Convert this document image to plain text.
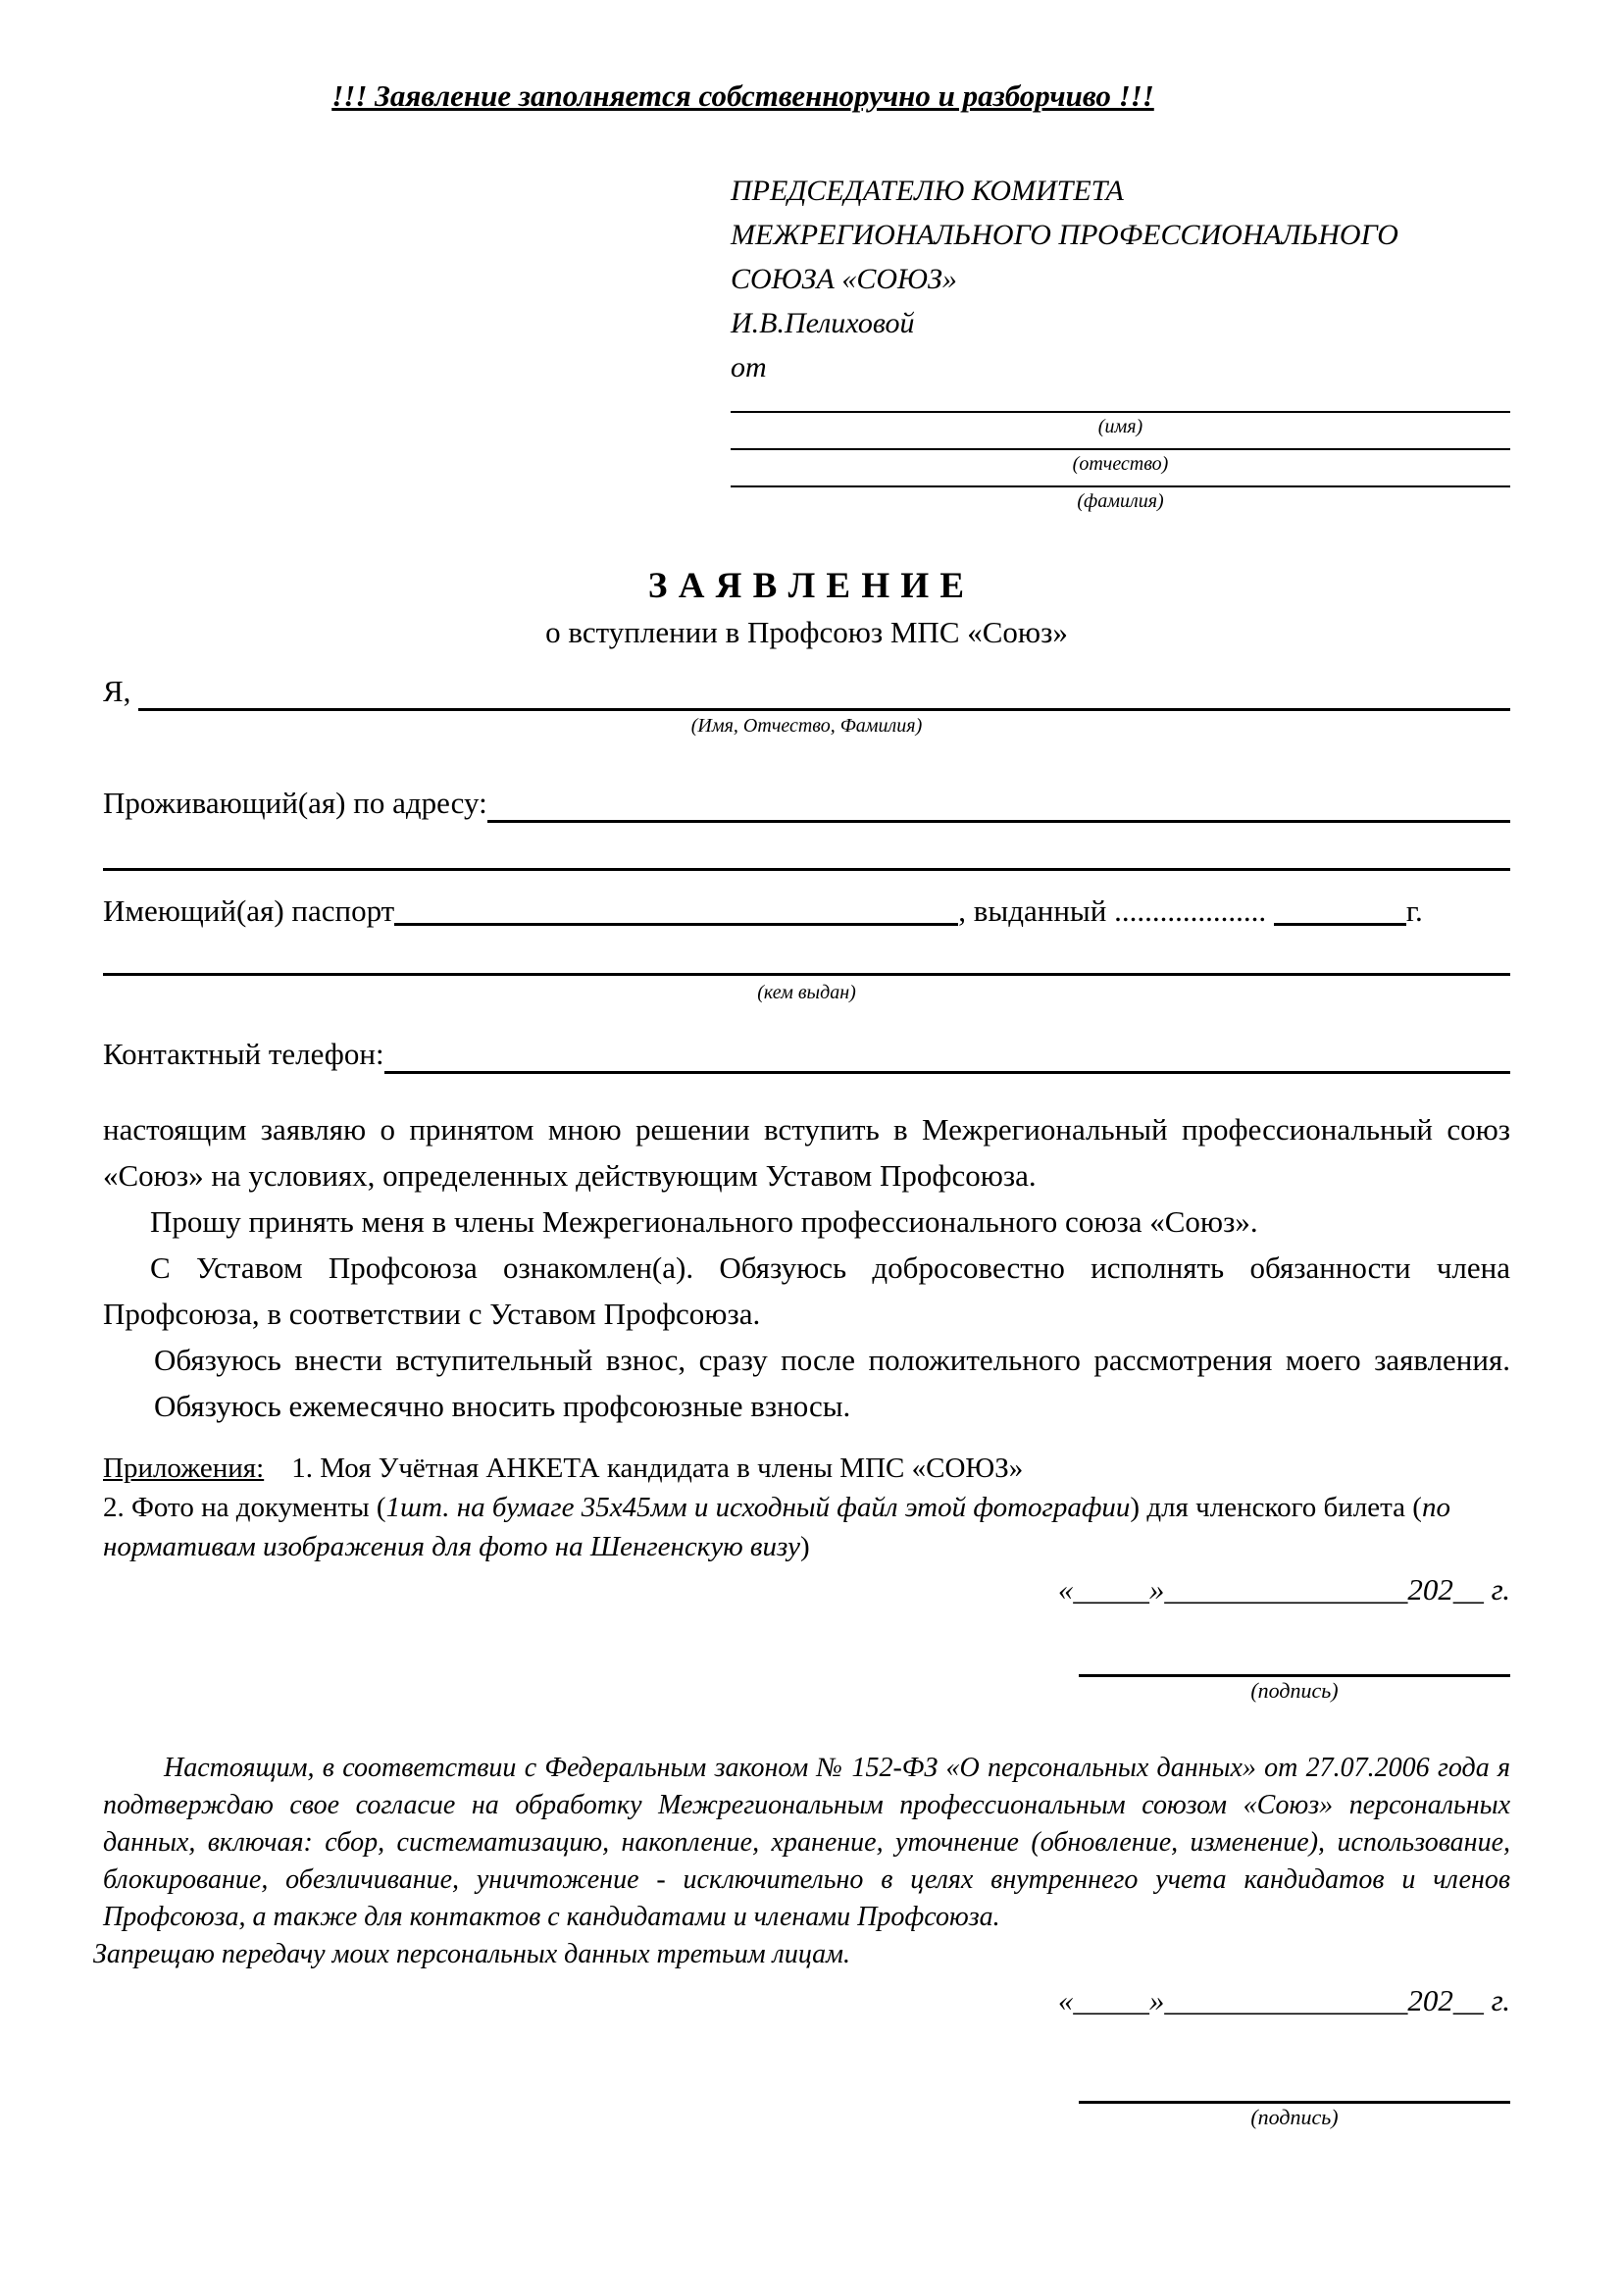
!!! Заявление заполняется собственноручно и разборчиво !!!
ПРЕДСЕДАТЕЛЮ КОМИТЕТА
МЕЖРЕГИОНАЛЬНОГО ПРОФЕССИОНАЛЬНОГО
СОЮЗА «СОЮЗ»
И.В.Пелиховой
от
(имя)
(отчество)
(фамилия)
З А Я В Л Е Н И Е
о вступлении в Профсоюз МПС «Союз»
Я,
(Имя, Отчество, Фамилия)
Проживающий(ая) по адресу:
Имеющий(ая) паспорт	, выданный ....................	г.
(кем выдан)
Контактный телефон:

настоящим заявляю о принятом мною решении вступить в Межрегиональный профессиональный союз «Союз» на условиях, определенных действующим Уставом Профсоюза.

Прошу принять меня в члены Межрегионального профессионального союза «Союз».

С Уставом Профсоюза ознакомлен(а). Обязуюсь добросовестно исполнять обязанности члена Профсоюза, в соответствии с Уставом Профсоюза.

Обязуюсь внести вступительный взнос, сразу после положительного рассмотрения моего заявления. Обязуюсь ежемесячно вносить профсоюзные взносы.

Приложения: 1. Моя Учётная АНКЕТА кандидата в члены МПС «СОЮЗ»
2. Фото на документы (1шт. на бумаге 35х45мм и исходный файл этой фотографии) для членского билета (по нормативам изображения для фото на Шенгенскую визу)
«_____»________________202__ г.
(подпись)

Настоящим, в соответствии с Федеральным законом № 152-ФЗ «О персональных данных» от 27.07.2006 года я подтверждаю свое согласие на обработку Межрегиональным профессиональным союзом «Союз» персональных данных, включая: сбор, систематизацию, накопление, хранение, уточнение (обновление, изменение), использование, блокирование, обезличивание, уничтожение - исключительно в целях внутреннего учета кандидатов и членов Профсоюза, а также для контактов с кандидатами и членами Профсоюза.

Запрещаю передачу моих персональных данных третьим лицам.

«_____»________________202__ г.
(подпись)
